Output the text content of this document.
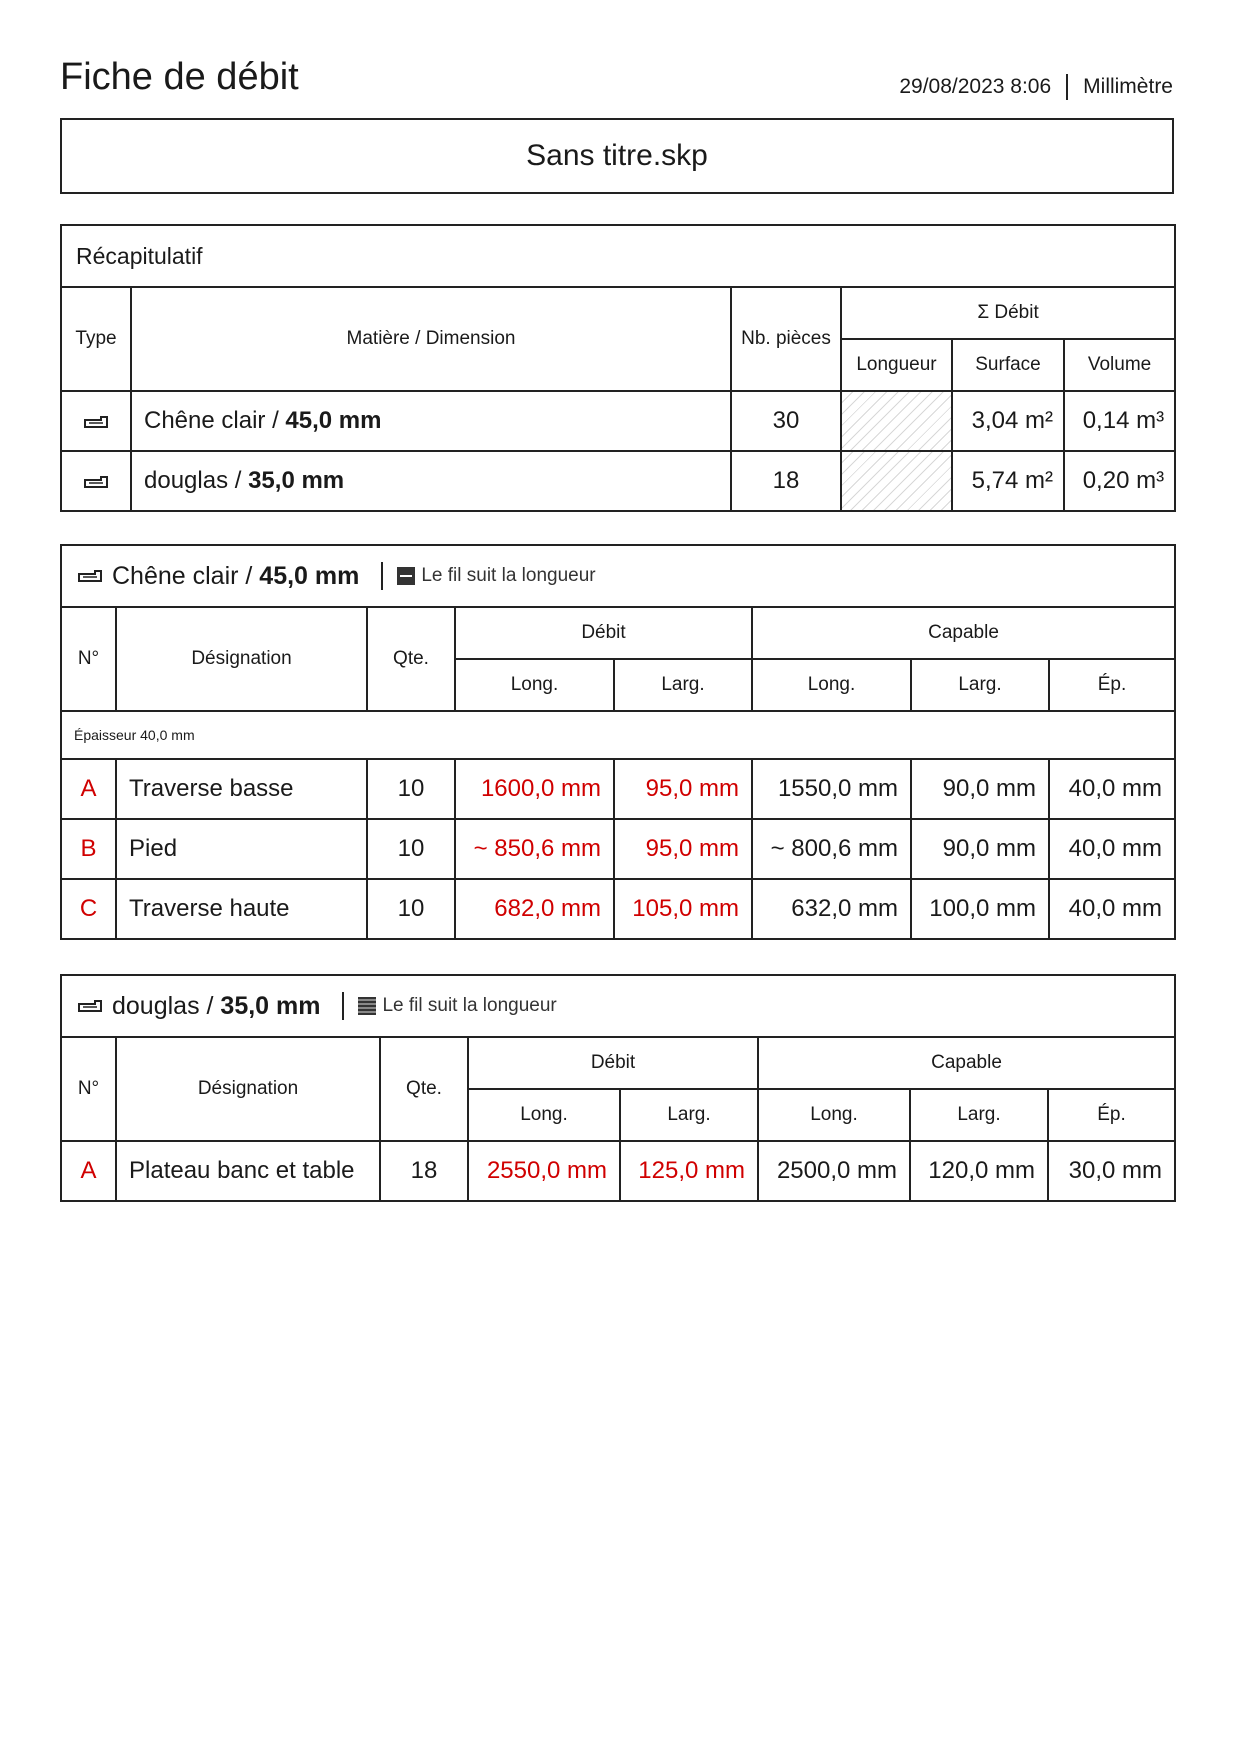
Fiche de débit	29/08/2023 8:06 Millimètre
Sans titre.skp
Récapitulatif					
Type	Matière / Dimension	Nb. pièces	Σ Débit		
			Longueur	Surface	Volume
	Chêne clair / 45,0 mm	30		3,04 m²	0,14 m³
	douglas / 35,0 mm	18		5,74 m²	0,20 m³
Chêne clair / 45,0 mm Le fil suit la longueur							

N°	Désignation	Qte.	Débit		Capable		
			Long.	Larg.	Long.	Larg.	Ép.
Épaisseur 40,0 mm							
A	Traverse basse	10	1600,0 mm	95,0 mm	1550,0 mm	90,0 mm	40,0 mm
B	Pied	10	~ 850,6 mm	95,0 mm	~ 800,6 mm	90,0 mm	40,0 mm
C	Traverse haute	10	682,0 mm	105,0 mm	632,0 mm	100,0 mm	40,0 mm
douglas / 35,0 mm Le fil suit la longueur							

N°	Désignation	Qte.	Débit		Capable		
			Long.	Larg.	Long.	Larg.	Ép.
A	Plateau banc et table	18	2550,0 mm	125,0 mm	2500,0 mm	120,0 mm	30,0 mm
